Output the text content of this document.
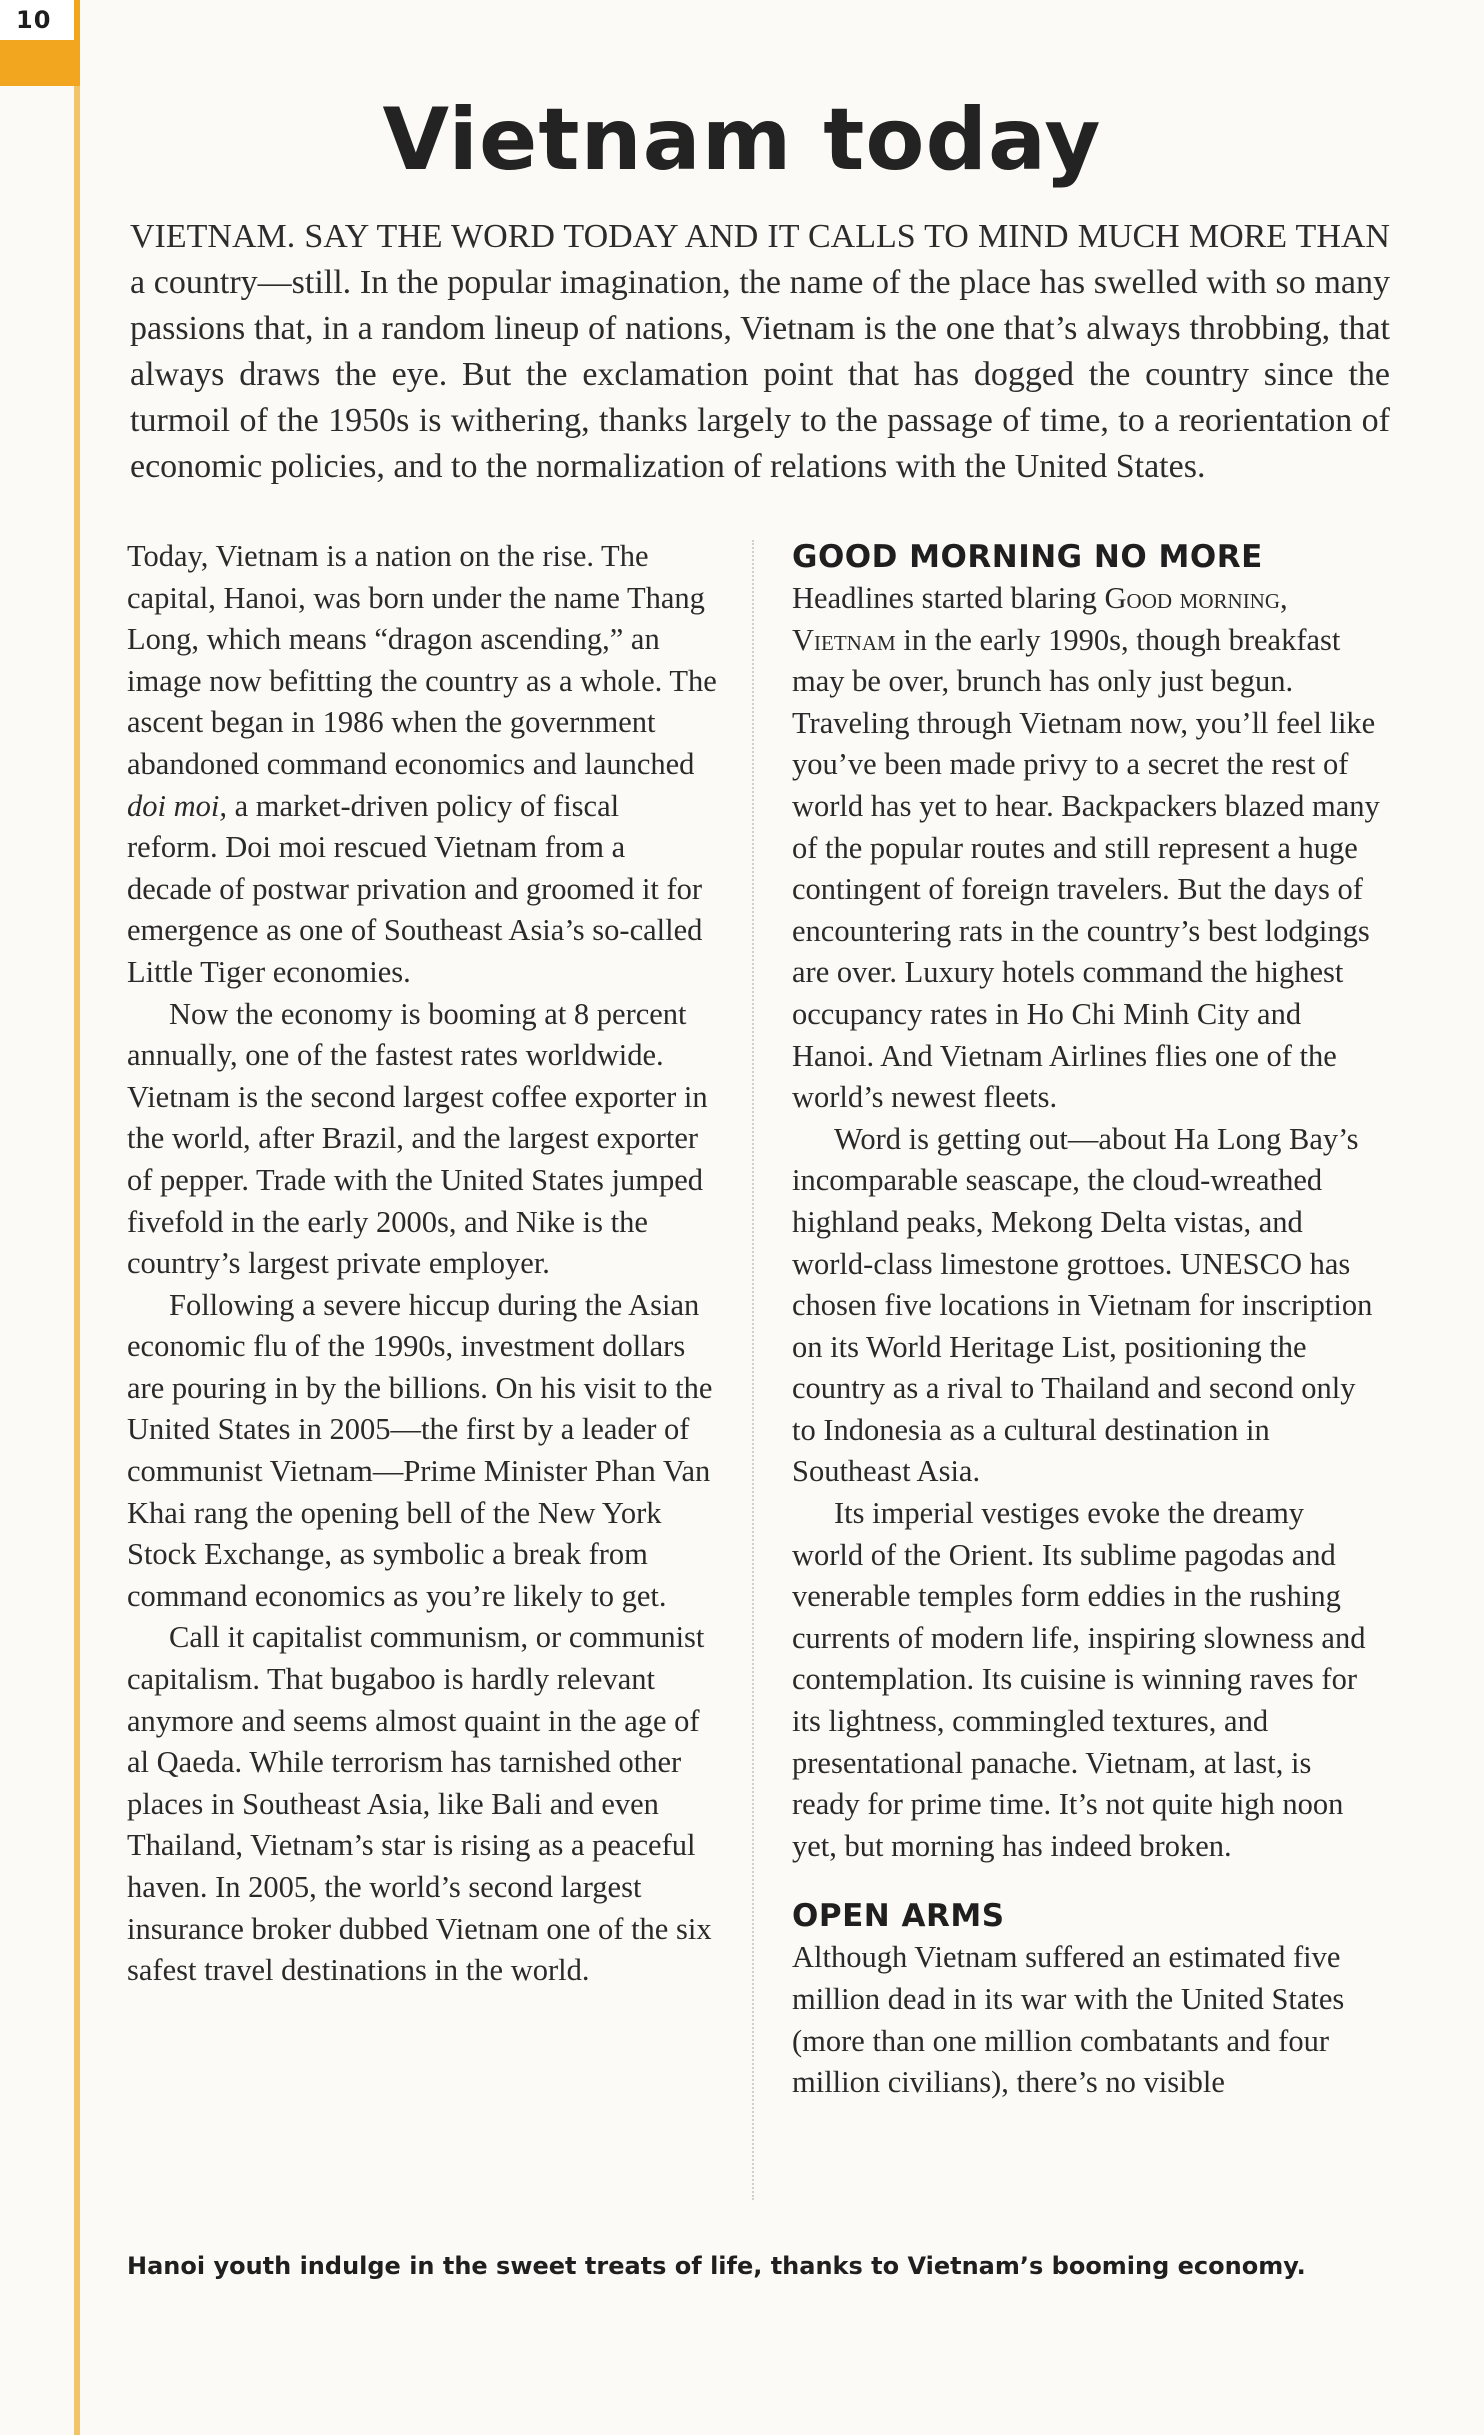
10
Vietnam today
VIETNAM. SAY THE WORD TODAY AND IT CALLS TO MIND MUCH MORE THAN a country—still. In the popular imagination, the name of the place has swelled with so many passions that, in a random lineup of nations, Vietnam is the one that’s always throbbing, that always draws the eye. But the exclamation point that has dogged the country since the turmoil of the 1950s is withering, thanks largely to the passage of time, to a reorientation of economic policies, and to the normalization of relations with the United States.

Today, Vietnam is a nation on the rise. The capital, Hanoi, was born under the name Thang Long, which means “dragon ascending,” an image now befitting the country as a whole. The ascent began in 1986 when the government abandoned command economics and launched doi moi, a market-driven policy of fiscal reform. Doi moi rescued Vietnam from a decade of postwar privation and groomed it for emergence as one of Southeast Asia’s so-called Little Tiger economies.

Now the economy is booming at 8 percent annually, one of the fastest rates worldwide. Vietnam is the second largest coffee exporter in the world, after Brazil, and the largest exporter of pepper. Trade with the United States jumped fivefold in the early 2000s, and Nike is the country’s largest private employer.

Following a severe hiccup during the Asian economic flu of the 1990s, investment dollars are pouring in by the billions. On his visit to the United States in 2005—the first by a leader of communist Vietnam—Prime Minister Phan Van Khai rang the opening bell of the New York Stock Exchange, as symbolic a break from command economics as you’re likely to get.

Call it capitalist communism, or communist capitalism. That bugaboo is hardly relevant anymore and seems almost quaint in the age of al Qaeda. While terrorism has tarnished other places in Southeast Asia, like Bali and even Thailand, Vietnam’s star is rising as a peaceful haven. In 2005, the world’s second largest insurance broker dubbed Vietnam one of the six safest travel destinations in the world.

GOOD MORNING NO MORE

Headlines started blaring Good morning, Vietnam in the early 1990s, though breakfast may be over, brunch has only just begun. Traveling through Vietnam now, you’ll feel like you’ve been made privy to a secret the rest of world has yet to hear. Backpackers blazed many of the popular routes and still represent a huge contingent of foreign travelers. But the days of encountering rats in the country’s best lodgings are over. Luxury hotels command the highest occupancy rates in Ho Chi Minh City and Hanoi. And Vietnam Airlines flies one of the world’s newest fleets.

Word is getting out—about Ha Long Bay’s incomparable seascape, the cloud-wreathed highland peaks, Mekong Delta vistas, and world-class limestone grottoes. UNESCO has chosen five locations in Vietnam for inscription on its World Heritage List, positioning the country as a rival to Thailand and second only to Indonesia as a cultural destination in Southeast Asia.

Its imperial vestiges evoke the dreamy world of the Orient. Its sublime pagodas and venerable temples form eddies in the rushing currents of modern life, inspiring slowness and contemplation. Its cuisine is winning raves for its lightness, commingled textures, and presentational panache. Vietnam, at last, is ready for prime time. It’s not quite high noon yet, but morning has indeed broken.

OPEN ARMS

Although Vietnam suffered an estimated five million dead in its war with the United States (more than one million combatants and four million civilians), there’s no visible

Hanoi youth indulge in the sweet treats of life, thanks to Vietnam’s booming economy.
